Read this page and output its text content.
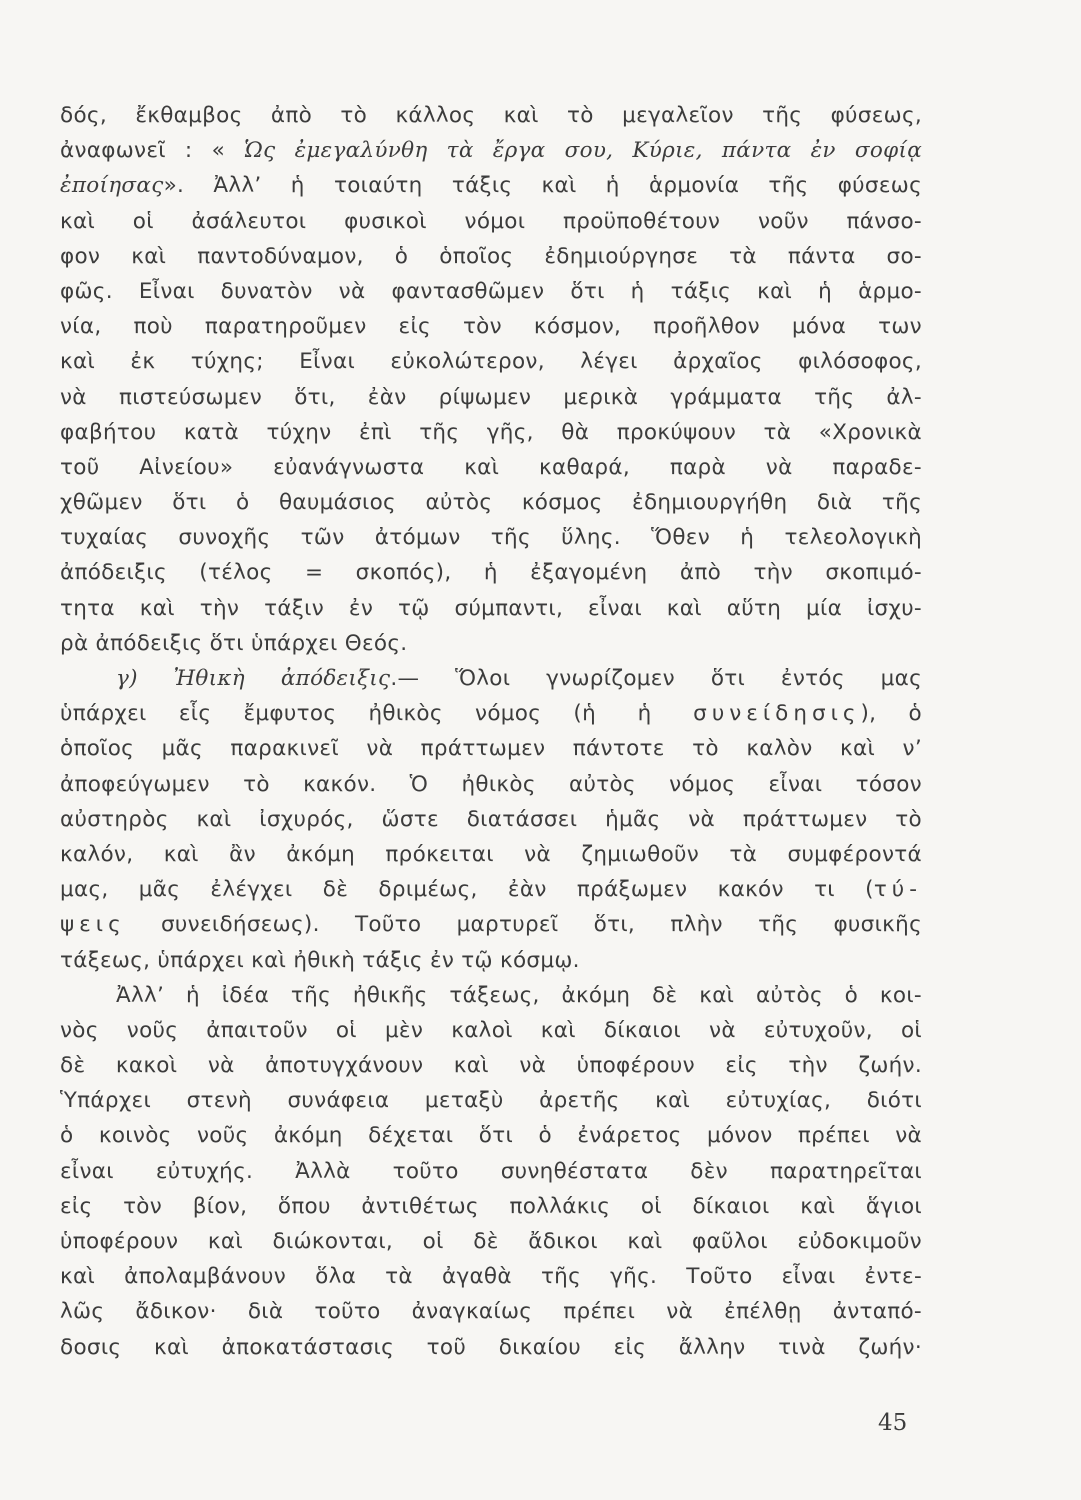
δός, ἔκθαμβος ἀπὸ τὸ κάλλος καὶ τὸ μεγαλεῖον τῆς φύσεως,
ἀναφωνεῖ : « Ὡς ἐμεγαλύνθη τὰ ἔργα σου, Κύριε, πάντα ἐν σοφίᾳ
ἐποίησας». Ἀλλ’ ἡ τοιαύτη τάξις καὶ ἡ ἁρμονία τῆς φύσεως
καὶ οἱ ἀσάλευτοι φυσικοὶ νόμοι προϋποθέτουν νοῦν πάνσο-
φον καὶ παντοδύναμον, ὁ ὁποῖος ἐδημιούργησε τὰ πάντα σο-
φῶς. Εἶναι δυνατὸν νὰ φαντασθῶμεν ὅτι ἡ τάξις καὶ ἡ ἁρμο-
νία, ποὺ παρατηροῦμεν εἰς τὸν κόσμον, προῆλθον μόνα των
καὶ ἐκ τύχης; Εἶναι εὐκολώτερον, λέγει ἀρχαῖος φιλόσοφος,
νὰ πιστεύσωμεν ὅτι, ἐὰν ρίψωμεν μερικὰ γράμματα τῆς ἀλ-
φαβήτου κατὰ τύχην ἐπὶ τῆς γῆς, θὰ προκύψουν τὰ «Χρονικὰ
τοῦ Αἰνείου» εὐανάγνωστα καὶ καθαρά, παρὰ νὰ παραδε-
χθῶμεν ὅτι ὁ θαυμάσιος αὐτὸς κόσμος ἐδημιουργήθη διὰ τῆς
τυχαίας συνοχῆς τῶν ἀτόμων τῆς ὕλης. Ὅθεν ἡ τελεολογικὴ
ἀπόδειξις (τέλος = σκοπός), ἡ ἐξαγομένη ἀπὸ τὴν σκοπιμό-
τητα καὶ τὴν τάξιν ἐν τῷ σύμπαντι, εἶναι καὶ αὕτη μία ἰσχυ-
ρὰ ἀπόδειξις ὅτι ὑπάρχει Θεός.
γ) Ἠθικὴ ἀπόδειξις.— Ὅλοι γνωρίζομεν ὅτι ἐντός μας
ὑπάρχει εἷς ἔμφυτος ἠθικὸς νόμος (ἡ ἡ συνείδησις), ὁ
ὁποῖος μᾶς παρακινεῖ νὰ πράττωμεν πάντοτε τὸ καλὸν καὶ ν’
ἀποφεύγωμεν τὸ κακόν. Ὁ ἠθικὸς αὐτὸς νόμος εἶναι τόσον
αὐστηρὸς καὶ ἰσχυρός, ὥστε διατάσσει ἡμᾶς νὰ πράττωμεν τὸ
καλόν, καὶ ἂν ἀκόμη πρόκειται νὰ ζημιωθοῦν τὰ συμφέροντά
μας, μᾶς ἐλέγχει δὲ δριμέως, ἐὰν πράξωμεν κακόν τι (τύ-
ψεις συνειδήσεως). Τοῦτο μαρτυρεῖ ὅτι, πλὴν τῆς φυσικῆς
τάξεως, ὑπάρχει καὶ ἠθικὴ τάξις ἐν τῷ κόσμῳ.
Ἀλλ’ ἡ ἰδέα τῆς ἠθικῆς τάξεως, ἀκόμη δὲ καὶ αὐτὸς ὁ κοι-
νὸς νοῦς ἀπαιτοῦν οἱ μὲν καλοὶ καὶ δίκαιοι νὰ εὐτυχοῦν, οἱ
δὲ κακοὶ νὰ ἀποτυγχάνουν καὶ νὰ ὑποφέρουν εἰς τὴν ζωήν.
Ὑπάρχει στενὴ συνάφεια μεταξὺ ἀρετῆς καὶ εὐτυχίας, διότι
ὁ κοινὸς νοῦς ἀκόμη δέχεται ὅτι ὁ ἐνάρετος μόνον πρέπει νὰ
εἶναι εὐτυχής. Ἀλλὰ τοῦτο συνηθέστατα δὲν παρατηρεῖται
εἰς τὸν βίον, ὅπου ἀντιθέτως πολλάκις οἱ δίκαιοι καὶ ἅγιοι
ὑποφέρουν καὶ διώκονται, οἱ δὲ ἄδικοι καὶ φαῦλοι εὐδοκιμοῦν
καὶ ἀπολαμβάνουν ὅλα τὰ ἀγαθὰ τῆς γῆς. Τοῦτο εἶναι ἐντε-
λῶς ἄδικον· διὰ τοῦτο ἀναγκαίως πρέπει νὰ ἐπέλθῃ ἀνταπό-
δοσις καὶ ἀποκατάστασις τοῦ δικαίου εἰς ἄλλην τινὰ ζωήν·
45
